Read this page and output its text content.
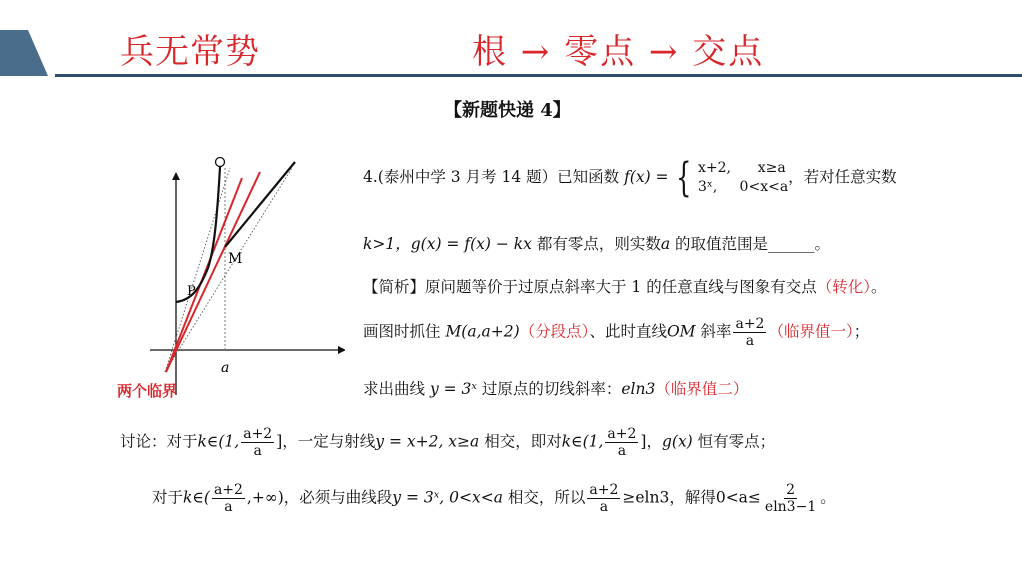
兵无常势	根 → 零点 → 交点
【新题快递 4】
M
P
a
两个临界
4.(泰州中学 3 月考 14 题）已知函数 f(x) = { x+2,      x≥a
3ˣ,     0<x<a
，若对任意实数
k>1，g(x) = f(x) − kx 都有零点，则实数a 的取值范围是______。
【简析】原问题等价于过原点斜率大于 1 的任意直线与图象有交点（转化）。
画图时抓住 M(a,a+2)（分段点）、此时直线OM 斜率 $\frac{a+2}{a}$ （临界值一）；
求出曲线 y = 3ˣ 过原点的切线斜率：eln3（临界值二）
讨论：对于k∈(1, $\frac{a+2}{a}$ ]，一定与射线y = x+2, x≥a 相交，即对k∈(1, $\frac{a+2}{a}$ ]，g(x) 恒有零点；
对于k∈( $\frac{a+2}{a}$ ,+∞)，必须与曲线段y = 3ˣ, 0<x<a 相交，所以 $\frac{a+2}{a} \ge eln3$，解得$0<a\le \frac{2}{eln3-1}$ 。
